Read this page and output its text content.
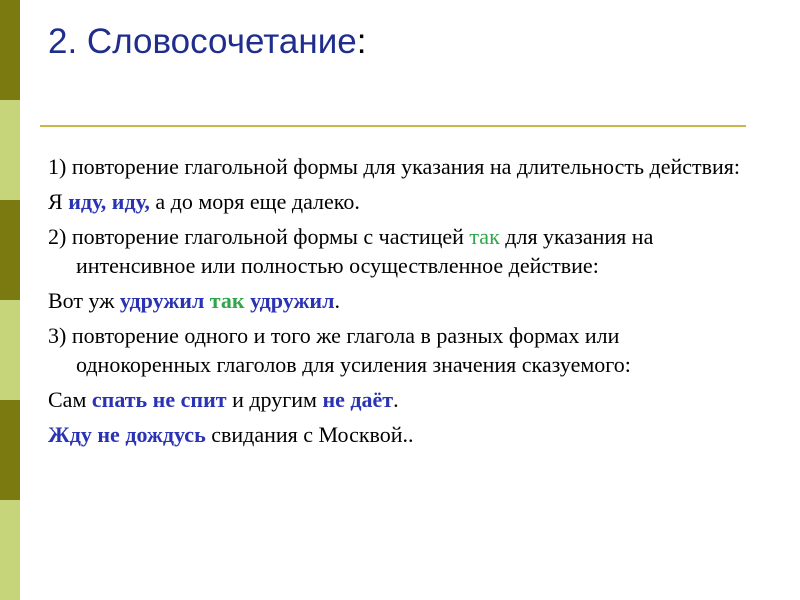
2. Словосочетание:

1) повторение глагольной формы для указания на длительность действия:

Я иду, иду, а до моря еще далеко.

2) повторение глагольной формы с частицей так для указания на интенсивное или полностью осуществленное действие:

Вот уж удружил так удружил.

3) повторение одного и того же глагола в разных формах или однокоренных глаголов для усиления значения сказуемого:

Сам спать не спит и другим не даёт.

Жду не дождусь свидания с Москвой..
